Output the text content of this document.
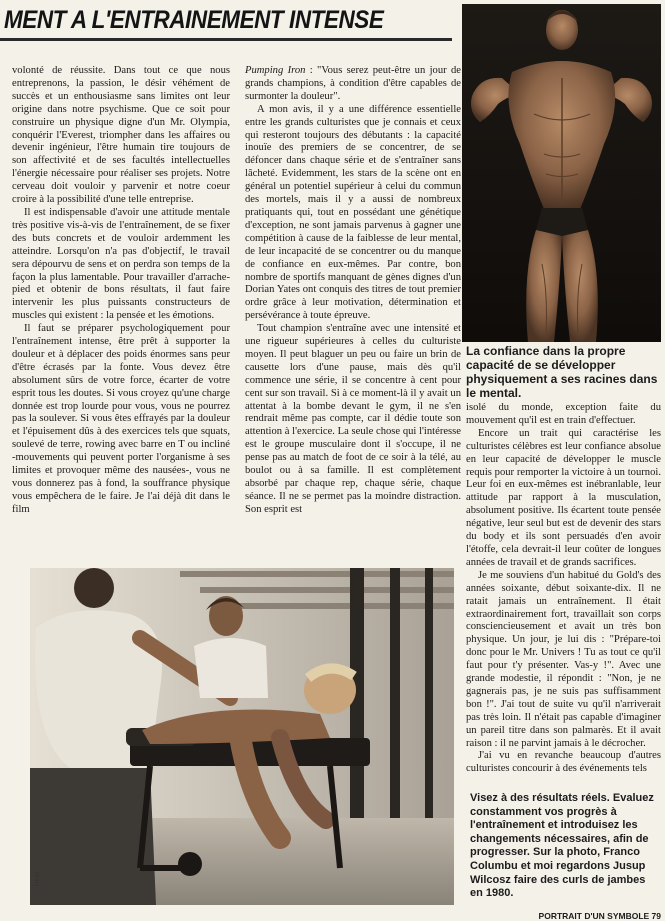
MENT A L'ENTRAINEMENT INTENSE

volonté de réussite. Dans tout ce que nous entreprenons, la passion, le désir véhément de succès et un enthousiasme sans limites ont leur origine dans notre psychisme. Que ce soit pour construire un physique digne d'un Mr. Olympia, conquérir l'Everest, triompher dans les affaires ou devenir ingénieur, l'être humain tire toujours de son affectivité et de ses facultés intellectuelles l'énergie nécessaire pour réaliser ses projets. Notre cerveau doit vouloir y parvenir et notre coeur croire à la possibilité d'une telle entreprise.

Il est indispensable d'avoir une attitude mentale très positive vis-à-vis de l'entraînement, de se fixer des buts concrets et de vouloir ardemment les atteindre. Lorsqu'on n'a pas d'objectif, le travail sera dépourvu de sens et on perdra son temps de la façon la plus lamentable. Pour travailler d'arrache-pied et obtenir de bons résultats, il faut faire intervenir les plus puissants constructeurs de muscles qui existent : la pensée et les émotions.

Il faut se préparer psychologiquement pour l'entraînement intense, être prêt à supporter la douleur et à déplacer des poids énormes sans peur d'être écrasés par la fonte. Vous devez être absolument sûrs de votre force, écarter de votre esprit tous les doutes. Si vous croyez qu'une charge donnée est trop lourde pour vous, vous ne pourrez pas la soulever. Si vous êtes effrayés par la douleur et l'épuisement dûs à des exercices tels que squats, soulevé de terre, rowing avec barre en T ou incliné -mouvements qui peuvent porter l'organisme à ses limites et provoquer même des nausées-, vous ne vous donnerez pas à fond, la souffrance physique vous empêchera de le faire. Je l'ai déjà dit dans le film

Pumping Iron : "Vous serez peut-être un jour de grands champions, à condition d'être capables de surmonter la douleur".

A mon avis, il y a une différence essentielle entre les grands culturistes que je connais et ceux qui resteront toujours des débutants : la capacité inouïe des premiers de se concentrer, de se défoncer dans chaque série et de s'entraîner sans lâcheté. Evidemment, les stars de la scène ont en général un potentiel supérieur à celui du commun des mortels, mais il y a aussi de nombreux pratiquants qui, tout en possédant une génétique d'exception, ne sont jamais parvenus à gagner une compétition à cause de la faiblesse de leur mental, de leur incapacité de se concentrer ou du manque de confiance en eux-mêmes. Par contre, bon nombre de sportifs manquant de gènes dignes d'un Dorian Yates ont conquis des titres de tout premier ordre grâce à leur motivation, détermination et persévérance à toute épreuve.

Tout champion s'entraîne avec une intensité et une rigueur supérieures à celles du culturiste moyen. Il peut blaguer un peu ou faire un brin de causette lors d'une pause, mais dès qu'il commence une série, il se concentre à cent pour cent sur son travail. Si à ce moment-là il y avait un attentat à la bombe devant le gym, il ne s'en rendrait même pas compte, car il dédie toute son attention à l'exercice. La seule chose qui l'intéresse est le groupe musculaire dont il s'occupe, il ne pense pas au match de foot de ce soir à la télé, au boulot ou à sa famille. Il est complètement absorbé par chaque rep, chaque série, chaque séance. Il ne se permet pas la moindre distraction. Son esprit est

La confiance dans la propre capacité de se développer physiquement a ses racines dans le mental.

isolé du monde, exception faite du mouvement qu'il est en train d'effectuer.

Encore un trait qui caractérise les culturistes célèbres est leur confiance absolue en leur capacité de développer le muscle requis pour remporter la victoire à un tournoi. Leur foi en eux-mêmes est inébranlable, leur attitude par rapport à la musculation, absolument positive. Ils écartent toute pensée négative, leur seul but est de devenir des stars du body et ils sont persuadés d'en avoir l'étoffe, cela devrait-il leur coûter de longues années de travail et de grands sacrifices.

Je me souviens d'un habitué du Gold's des années soixante, début soixante-dix. Il ne ratait jamais un entraînement. Il était extraordinairement fort, travaillait son corps consciencieusement et avait un très bon physique. Un jour, je lui dis : "Prépare-toi donc pour le Mr. Univers ! Tu as tout ce qu'il faut pour t'y présenter. Vas-y !". Avec une grande modestie, il répondit : "Non, je ne gagnerais pas, je ne suis pas suffisamment bon !". J'ai tout de suite vu qu'il n'arriverait pas très loin. Il n'était pas capable d'imaginer un pareil titre dans son palmarès. Et il avait raison : il ne parvint jamais à le décrocher.

J'ai vu en revanche beaucoup d'autres culturistes concourir à des événements tels

Hirsz
Visez à des résultats réels. Evaluez constamment vos progrès à l'entraînement et introduisez les changements nécessaires, afin de progresser. Sur la photo, Franco Columbu et moi regardons Jusup Wilcosz faire des curls de jambes en 1980.
PORTRAIT D'UN SYMBOLE 79
